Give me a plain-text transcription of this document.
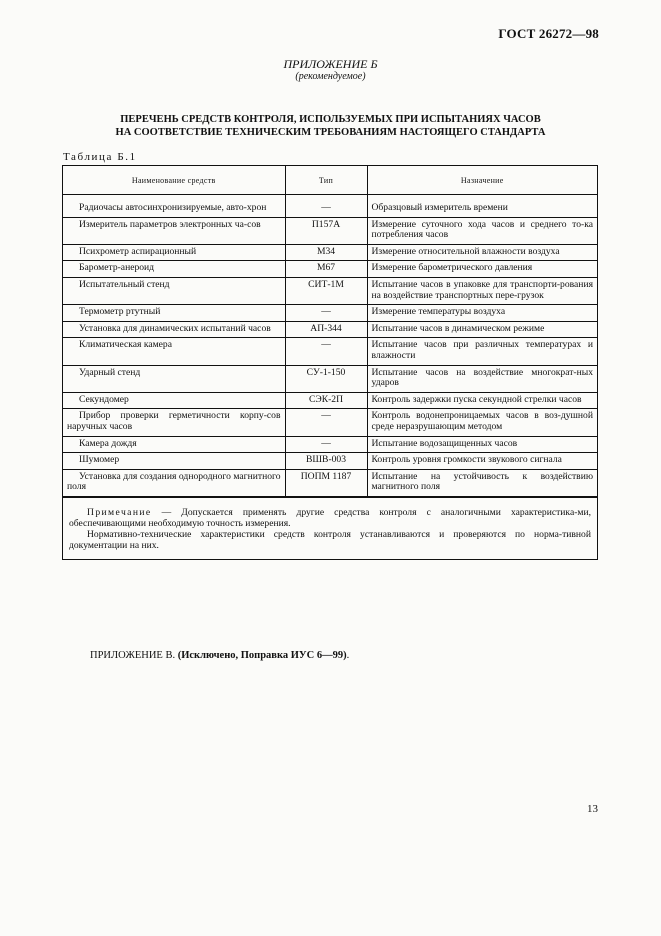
ГОСТ 26272—98
ПРИЛОЖЕНИЕ Б
(рекомендуемое)
ПЕРЕЧЕНЬ СРЕДСТВ КОНТРОЛЯ, ИСПОЛЬЗУЕМЫХ ПРИ ИСПЫТАНИЯХ ЧАСОВ
НА СООТВЕТСТВИЕ ТЕХНИЧЕСКИМ ТРЕБОВАНИЯМ НАСТОЯЩЕГО СТАНДАРТА
Таблица Б.1
Наименование средств	Тип	Назначение

Радиочасы автосинхронизируемые, авто-хрон	—	Образцовый измеритель времени
Измеритель параметров электронных ча-сов	П157А	Измерение суточного хода часов и среднего то-ка потребления часов
Психрометр аспирационный	М34	Измерение относительной влажности воздуха
Барометр-анероид	М67	Измерение барометрического давления
Испытательный стенд	СИТ-1М	Испытание часов в упаковке для транспорти-рования на воздействие транспортных пере-грузок
Термометр ртутный	—	Измерение температуры воздуха
Установка для динамических испытаний часов	АП-344	Испытание часов в динамическом режиме
Климатическая камера	—	Испытание часов при различных температурах и влажности
Ударный стенд	СУ-1-150	Испытание часов на воздействие многократ-ных ударов
Секундомер	СЭК-2П	Контроль задержки пуска секундной стрелки часов
Прибор проверки герметичности корпу-сов наручных часов	—	Контроль водонепроницаемых часов в воз-душной среде неразрушающим методом
Камера дождя	—	Испытание водозащищенных часов
Шумомер	ВШВ-003	Контроль уровня громкости звукового сигнала
Установка для создания однородного магнитного поля	ПОПМ 1187	Испытание на устойчивость к воздействию магнитного поля

Примечание — Допускается применять другие средства контроля с аналогичными характеристика-ми, обеспечивающими необходимую точность измерения.

Нормативно-технические характеристики средств контроля устанавливаются и проверяются по норма-тивной документации на них.

ПРИЛОЖЕНИЕ В. (Исключено, Поправка ИУС 6—99).
13
